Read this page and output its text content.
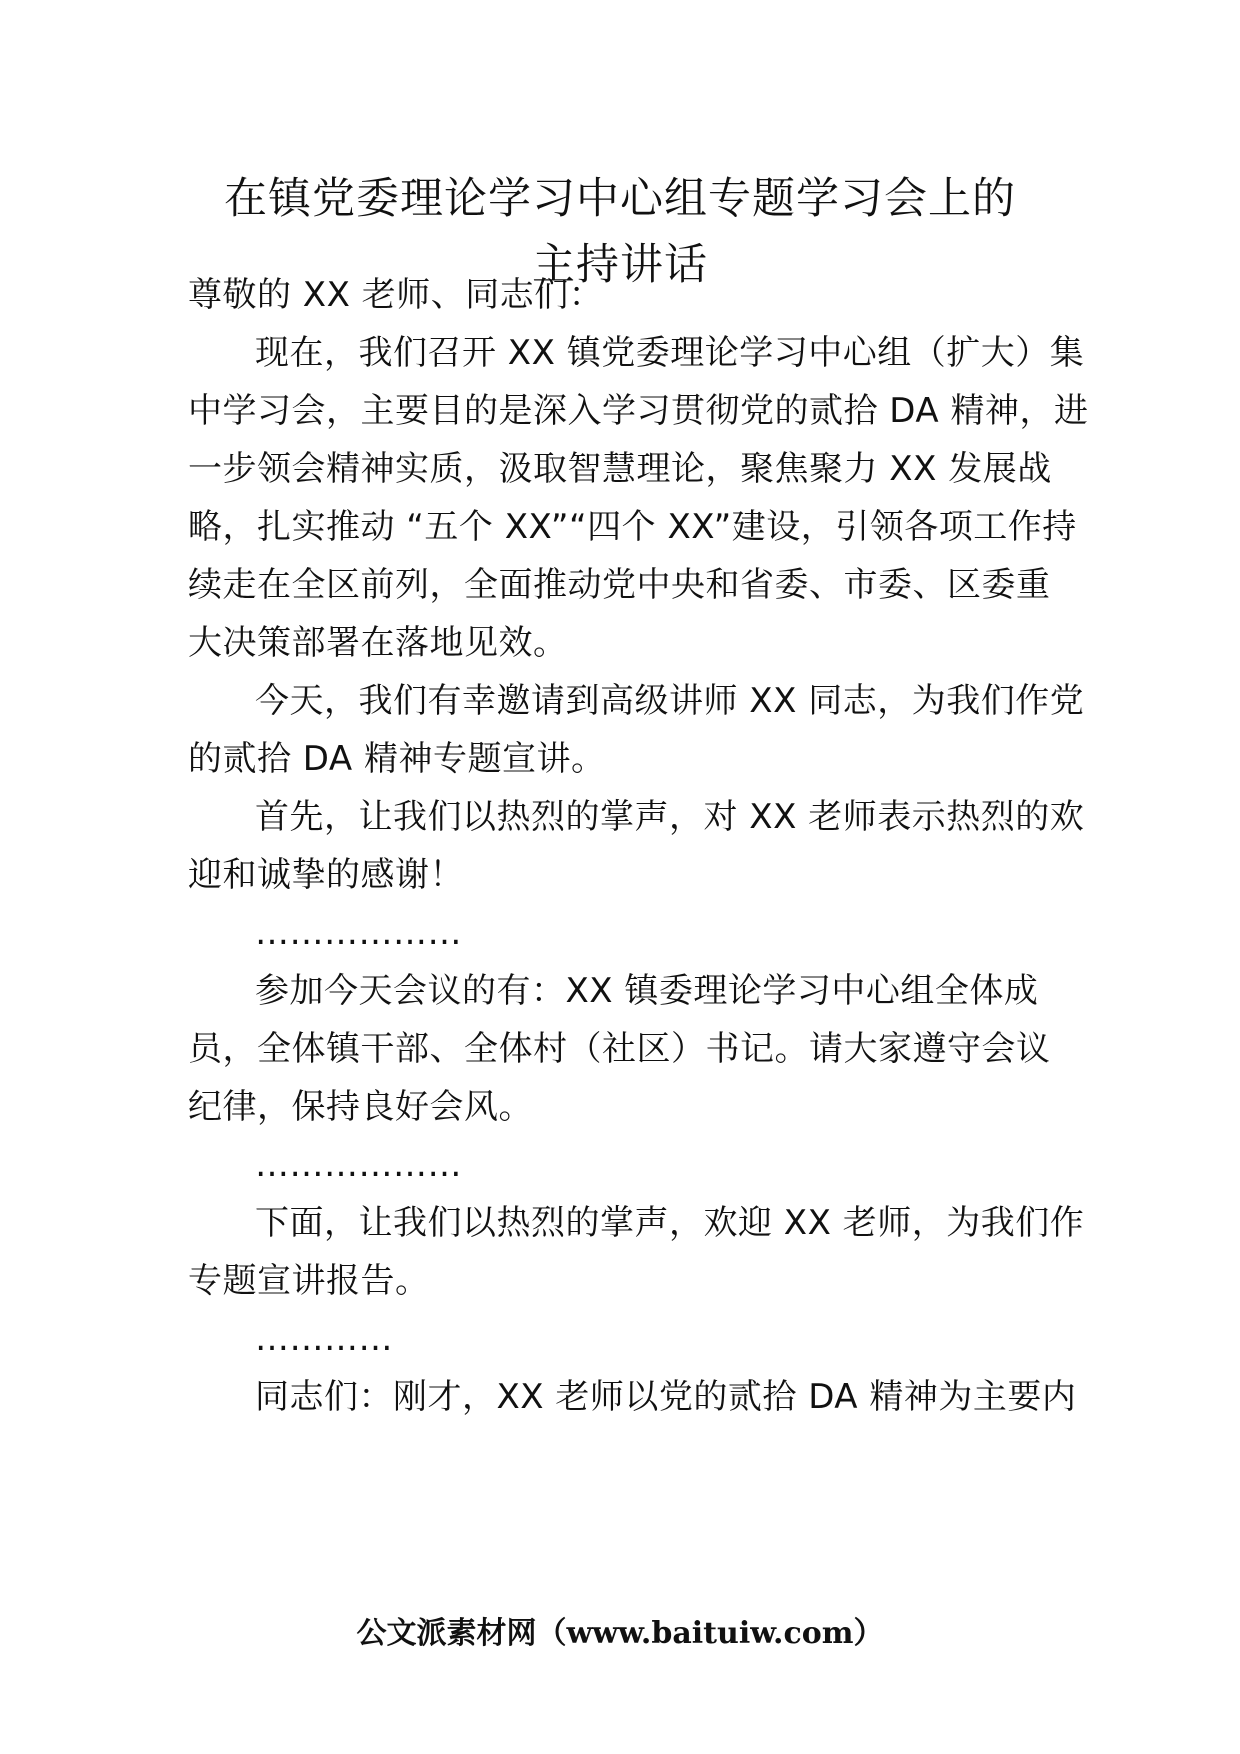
在镇党委理论学习中心组专题学习会上的
主持讲话
尊敬的 XX 老师、同志们：
现在，我们召开 XX 镇党委理论学习中心组（扩大）集
中学习会，主要目的是深入学习贯彻党的贰拾 DA 精神，进
一步领会精神实质，汲取智慧理论，聚焦聚力 XX 发展战
略，扎实推动 “五个 XX”“四个 XX”建设，引领各项工作持
续走在全区前列，全面推动党中央和省委、市委、区委重
大决策部署在落地见效。
今天，我们有幸邀请到高级讲师 XX 同志，为我们作党
的贰拾 DA 精神专题宣讲。
首先，让我们以热烈的掌声，对 XX 老师表示热烈的欢
迎和诚挚的感谢！
………………
参加今天会议的有：XX 镇委理论学习中心组全体成
员，全体镇干部、全体村（社区）书记。请大家遵守会议
纪律，保持良好会风。
………………
下面，让我们以热烈的掌声，欢迎 XX 老师，为我们作
专题宣讲报告。
…………
同志们：刚才，XX 老师以党的贰拾 DA 精神为主要内
公文派素材网（www.baituiw.com）
